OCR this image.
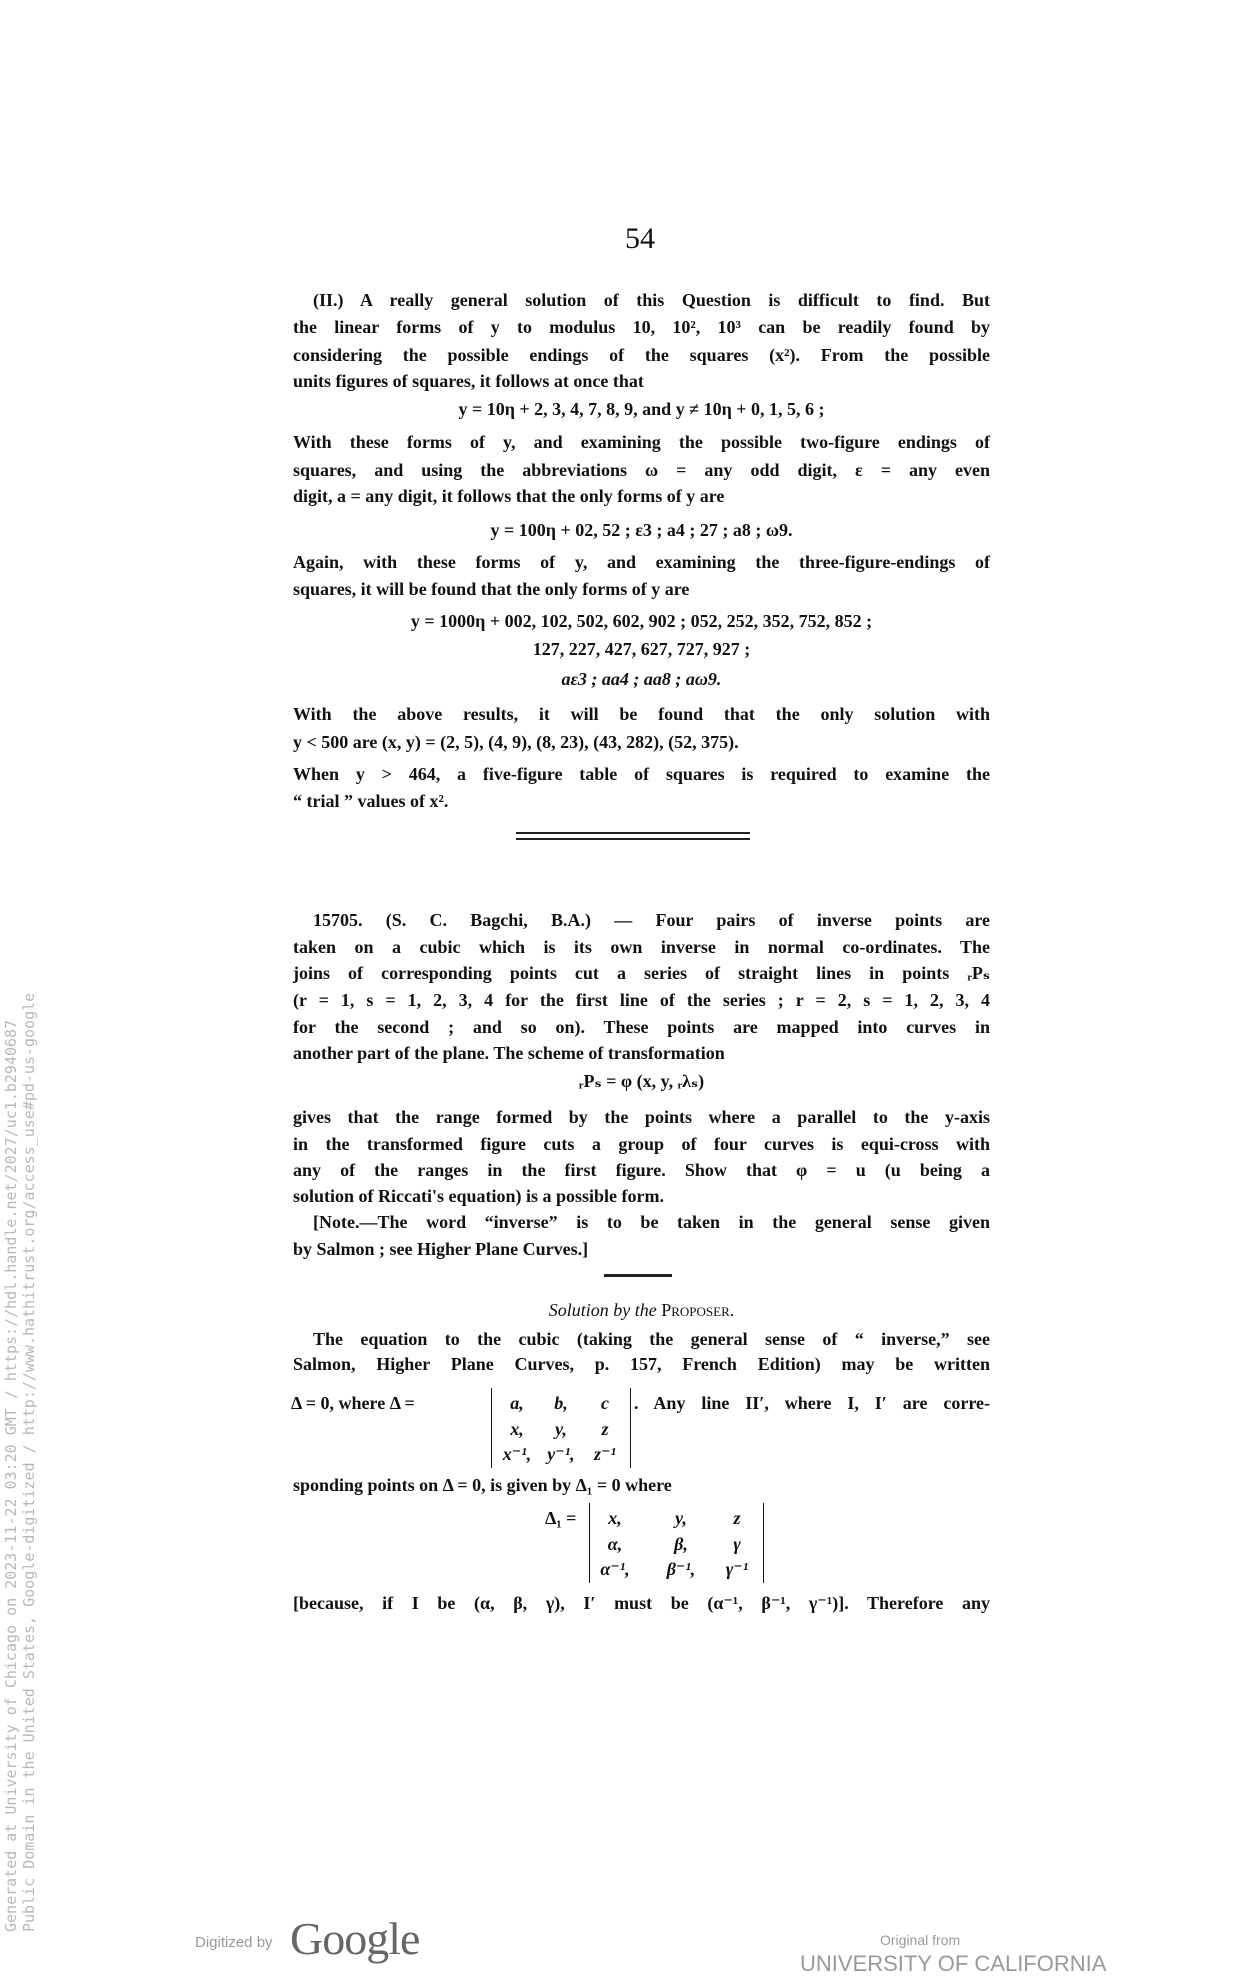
Generated at University of Chicago on 2023-11-22 03:20 GMT / https://hdl.handle.net/2027/uc1.b2940687 Public Domain in the United States, Google-digitized / http://www.hathitrust.org/access_use#pd-us-google
54
(II.) A really general solution of this Question is difficult to find. But
the linear forms of y to modulus 10, 10², 10³ can be readily found by
considering the possible endings of the squares (x²). From the possible
units figures of squares, it follows at once that
y = 10η + 2, 3, 4, 7, 8, 9, and y ≠ 10η + 0, 1, 5, 6 ;
With these forms of y, and examining the possible two-figure endings of
squares, and using the abbreviations ω = any odd digit, ε = any even
digit, a = any digit, it follows that the only forms of y are
y = 100η + 02, 52 ; ε3 ; a4 ; 27 ; a8 ; ω9.
Again, with these forms of y, and examining the three-figure-endings of
squares, it will be found that the only forms of y are
y = 1000η + 002, 102, 502, 602, 902 ; 052, 252, 352, 752, 852 ;
127, 227, 427, 627, 727, 927 ;
aε3 ; aa4 ; aa8 ; aω9.
With the above results, it will be found that the only solution with
y < 500 are (x, y) = (2, 5), (4, 9), (8, 23), (43, 282), (52, 375).
When y > 464, a five-figure table of squares is required to examine the
“ trial ” values of x².
15705. (S. C. Bagchi, B.A.) — Four pairs of inverse points are
taken on a cubic which is its own inverse in normal co-ordinates. The
joins of corresponding points cut a series of straight lines in points ᵣPₛ
(r = 1, s = 1, 2, 3, 4 for the first line of the series ; r = 2, s = 1, 2, 3, 4
for the second ; and so on). These points are mapped into curves in
another part of the plane. The scheme of transformation
ᵣPₛ = φ (x, y, ᵣλₛ)
gives that the range formed by the points where a parallel to the y-axis
in the transformed figure cuts a group of four curves is equi-cross with
any of the ranges in the first figure. Show that φ = u (u being a
solution of Riccati's equation) is a possible form.
[Note.—The word “inverse” is to be taken in the general sense given
by Salmon ; see Higher Plane Curves.]
Solution by the Proposer.
The equation to the cubic (taking the general sense of “ inverse,” see
Salmon, Higher Plane Curves, p. 157, French Edition) may be written
Δ = 0, where Δ =	a,	b,	c
x,	y,	z
x⁻¹, y⁻¹,	z⁻¹
. Any line II′, where I, I′ are corre-
sponding points on Δ = 0, is given by Δ₁ = 0 where
Δ₁ =	x,	y,	z
α,	β,	γ
α⁻¹,	β⁻¹,	γ⁻¹
[because, if I be (α, β, γ), I′ must be (α⁻¹, β⁻¹, γ⁻¹)]. Therefore any
Digitized by Google	Original from
UNIVERSITY OF CALIFORNIA
